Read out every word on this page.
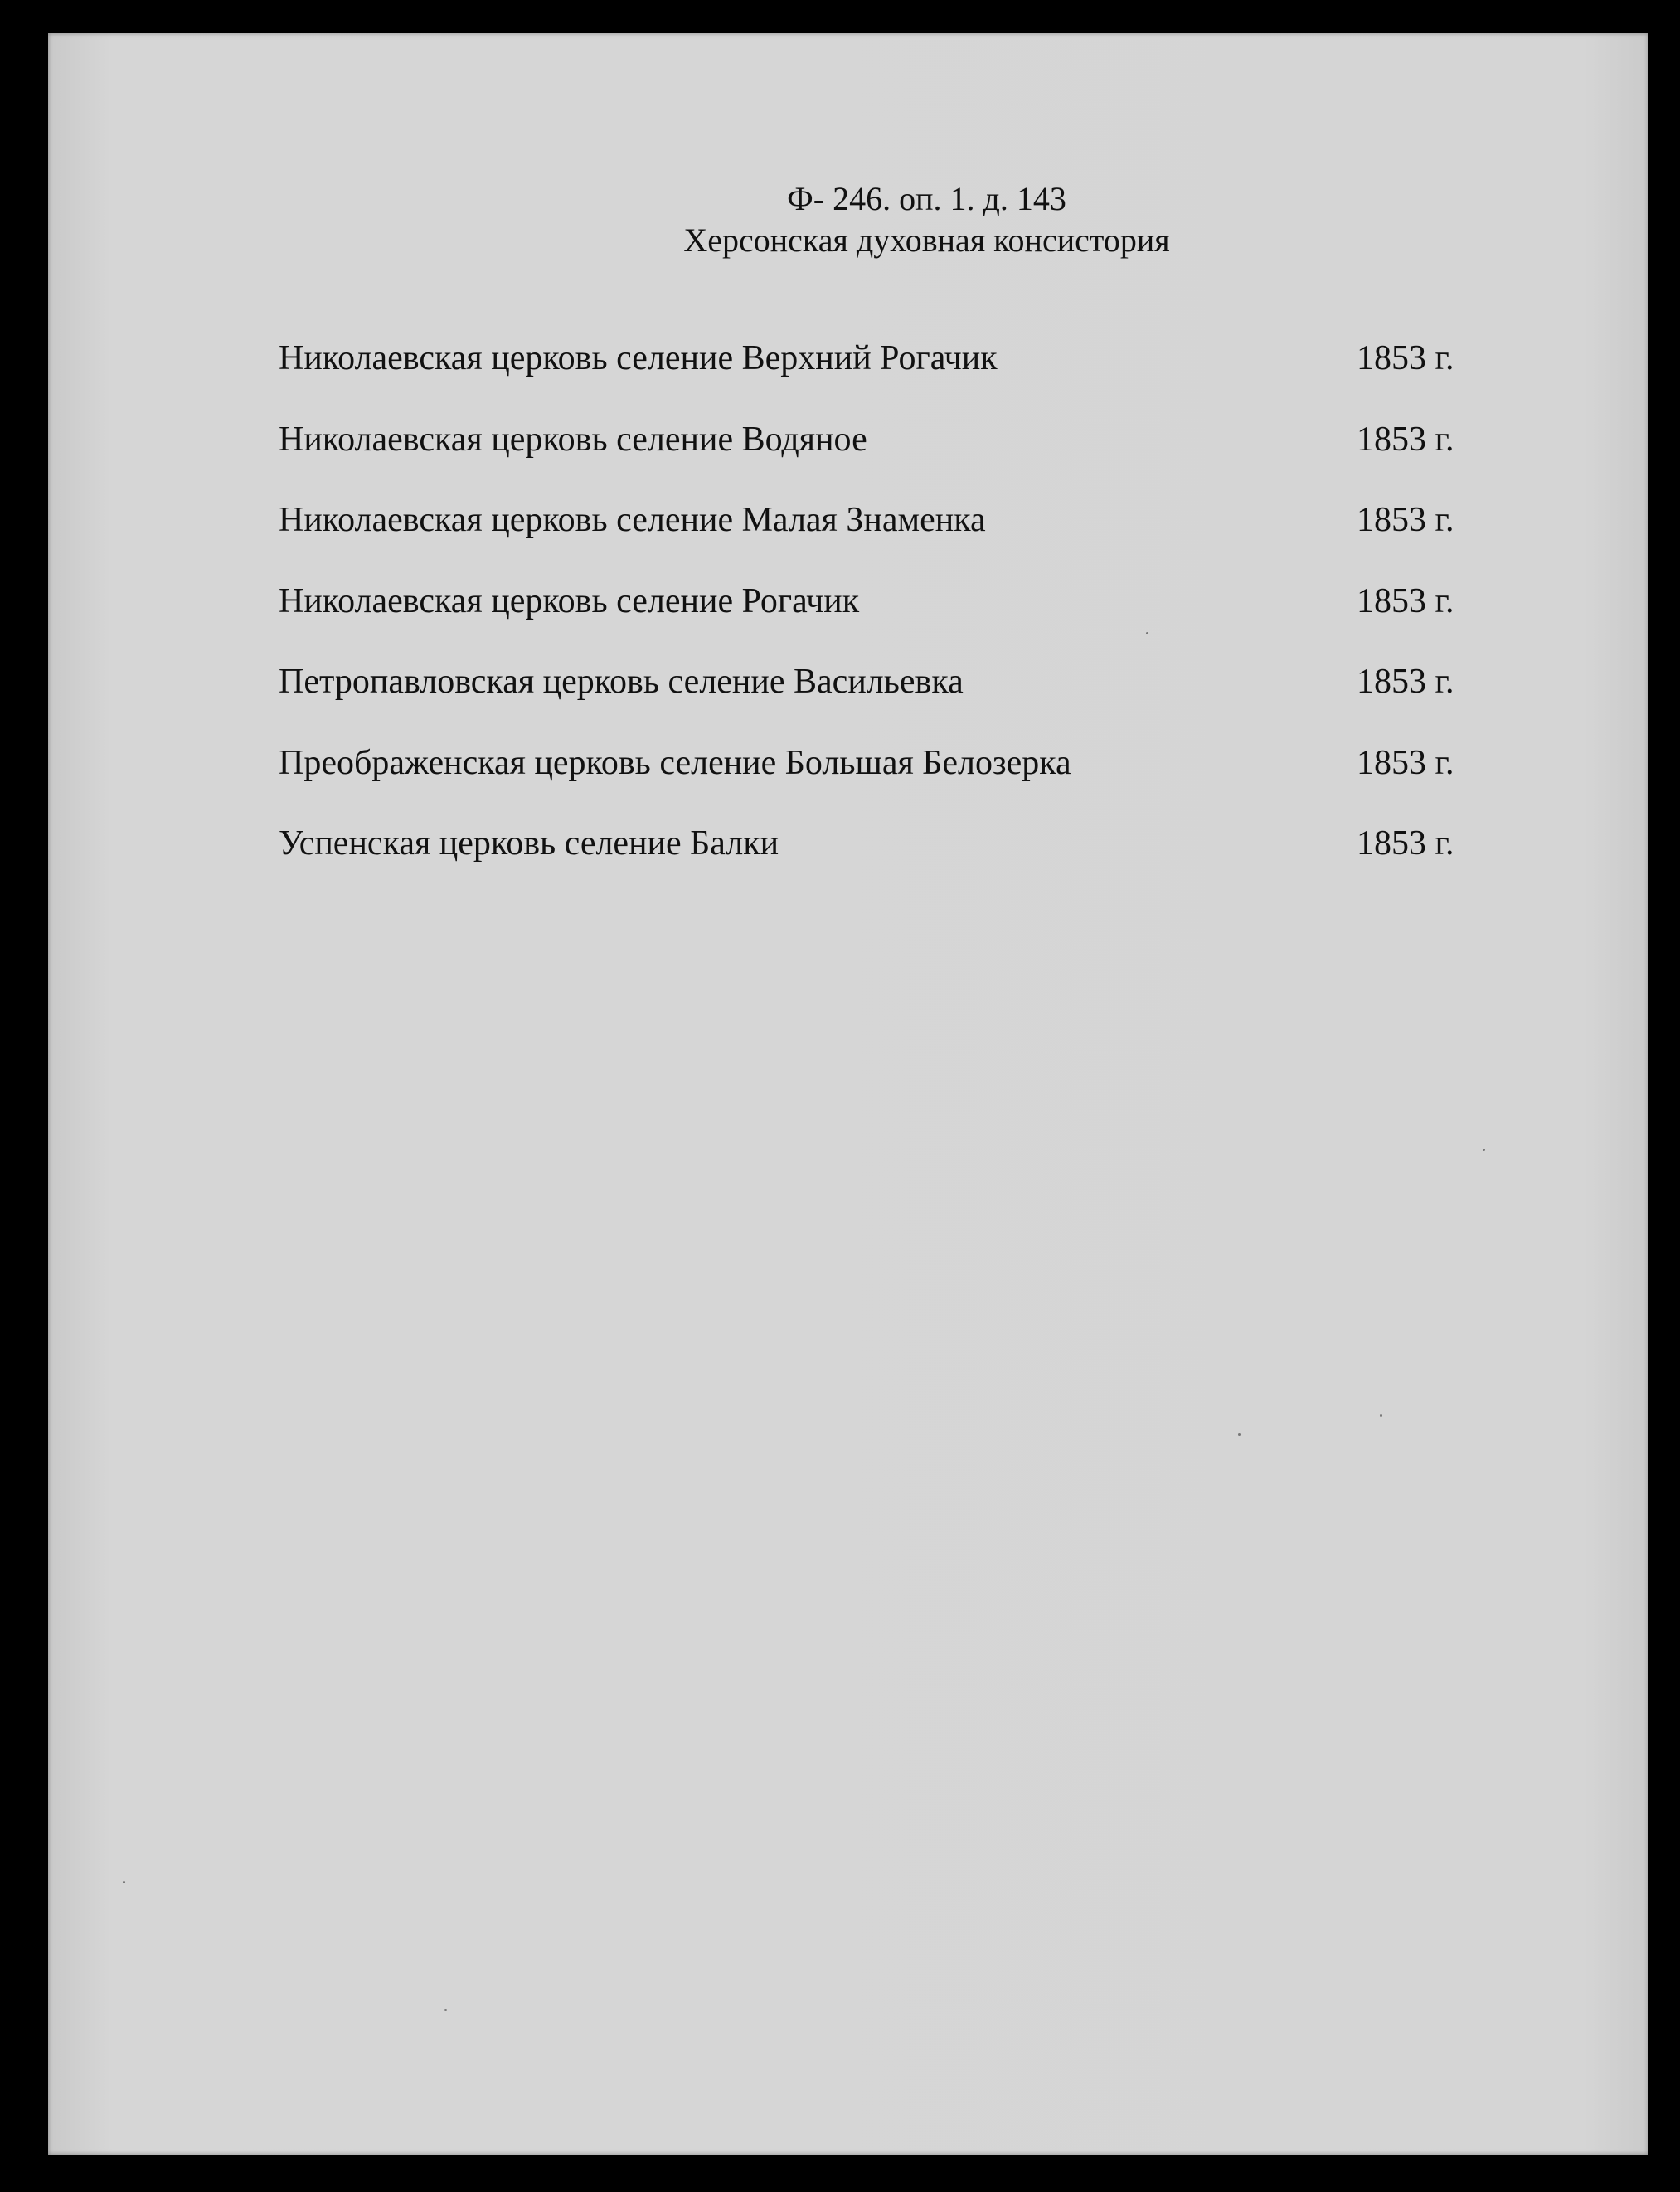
Ф- 246. оп. 1. д. 143
Херсонская духовная консистория
Николаевская церковь селение Верхний Рогачик	1853 г.
Николаевская церковь селение Водяное	1853 г.
Николаевская церковь селение Малая Знаменка	1853 г.
Николаевская церковь селение Рогачик	1853 г.
Петропавловская церковь селение Васильевка	1853 г.
Преображенская церковь селение Большая Белозерка	1853 г.
Успенская церковь селение Балки	1853 г.
